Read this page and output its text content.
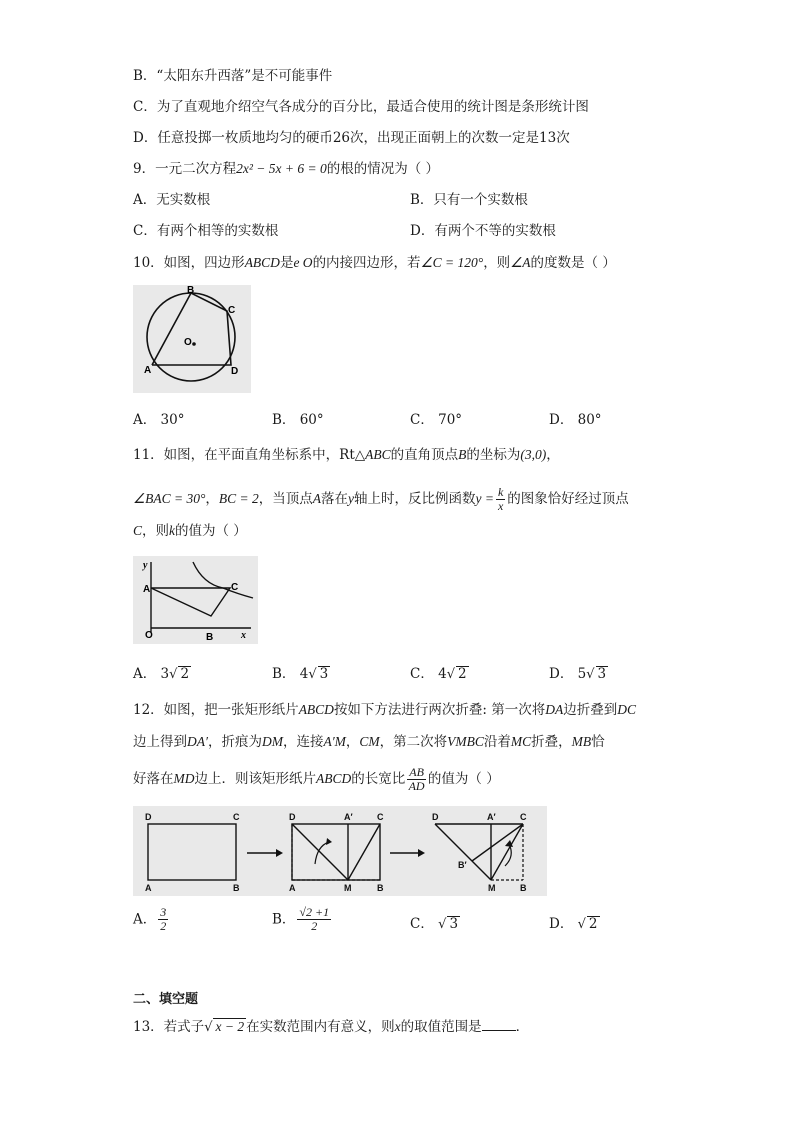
B．“太阳东升西落”是不可能事件
C．为了直观地介绍空气各成分的百分比，最适合使用的统计图是条形统计图
D．任意投掷一枚质地均匀的硬币26次，出现正面朝上的次数一定是13次
9．一元二次方程2x² − 5x + 6 = 0的根的情况为（ ）
A．无实数根	B．只有一个实数根
C．有两个相等的实数根	D．有两个不等的实数根
10．如图，四边形ABCD是e O的内接四边形，若∠C = 120°，则∠A的度数是（ ）
B
C
O
A	D
A． 30°	B． 60°	C． 70°	D． 80°
11．如图，在平面直角坐标系中，Rt△ABC的直角顶点B的坐标为(3,0)，
∠BAC = 30°，BC = 2，当顶点A落在y轴上时，反比例函数$y = \frac{k}{x}$ 的图象恰好经过顶点
C，则k的值为（ ）
y
A	C
O	B	x
A． 3√ 2	B． 4√ 3	C． 4√ 2	D． 5√ 3
12．如图，把一张矩形纸片ABCD按如下方法进行两次折叠: 第一次将DA边折叠到DC
边上得到DA′，折痕为DM，连接A′M，CM，第二次将VMBC沿着MC折叠，MB恰
好落在MD边上．则该矩形纸片ABCD的长宽比 $\frac{AB}{AD}$ 的值为（ ）
D	C
A	B
D	A′	C
A	M	B
D	A′	C
B′
M	B
A． $\frac{3}{2}$	B． $\frac{√2 +1}{2}$	C． √ 3	D． √ 2
二、填空题
13．若式子√ x − 2 在实数范围内有意义，则x的取值范围是	．
